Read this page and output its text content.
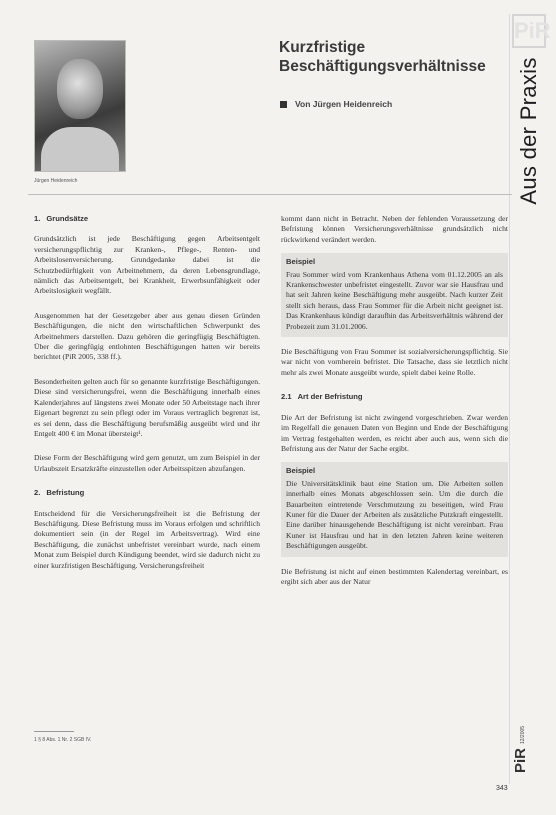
PiR
Aus der Praxis
Jürgen Heidenreich
Kurzfristige
Beschäftigungsverhältnisse
Von Jürgen Heidenreich
1. Grundsätze

Grundsätzlich ist jede Beschäftigung gegen Arbeitsentgelt versicherungspflichtig zur Kranken-, Pflege-, Renten- und Arbeitslosenversicherung. Grundgedanke dabei ist die Schutzbedürftigkeit von Arbeitnehmern, da deren Lebensgrundlage, nämlich das Arbeitsentgelt, bei Krankheit, Erwerbsunfähigkeit oder Arbeitslosigkeit wegfällt.

Ausgenommen hat der Gesetzgeber aber aus genau diesen Gründen Beschäftigungen, die nicht den wirtschaftlichen Schwerpunkt des Arbeitnehmers darstellen. Dazu gehören die geringfügig Beschäftigten. Über die geringfügig entlohnten Beschäftigungen hatten wir bereits berichtet (PiR 2005, 338 ff.).

Besonderheiten gelten auch für so genannte kurzfristige Beschäftigungen. Diese sind versicherungsfrei, wenn die Beschäftigung innerhalb eines Kalenderjahres auf längstens zwei Monate oder 50 Arbeitstage nach ihrer Eigenart begrenzt zu sein pflegt oder im Voraus vertraglich begrenzt ist, es sei denn, dass die Beschäftigung berufsmäßig ausgeübt wird und ihr Entgelt 400 € im Monat übersteigt¹.

Diese Form der Beschäftigung wird gern genutzt, um zum Beispiel in der Urlaubszeit Ersatzkräfte einzustellen oder Arbeitsspitzen abzufangen.

2. Befristung

Entscheidend für die Versicherungsfreiheit ist die Befristung der Beschäftigung. Diese Befristung muss im Voraus erfolgen und schriftlich dokumentiert sein (in der Regel im Arbeitsvertrag). Wird eine Beschäftigung, die zunächst unbefristet vereinbart wurde, nach einem Monat zum Beispiel durch Kündigung beendet, wird sie dadurch nicht zu einer kurzfristigen Beschäftigung. Versicherungsfreiheit

kommt dann nicht in Betracht. Neben der fehlenden Voraussetzung der Befristung können Versicherungsverhältnisse grundsätzlich nicht rückwirkend verändert werden.

Beispiel

Frau Sommer wird vom Krankenhaus Athena vom 01.12.2005 an als Krankenschwester unbefristet eingestellt. Zuvor war sie Hausfrau und hat seit Jahren keine Beschäftigung mehr ausgeübt. Nach kurzer Zeit stellt sich heraus, dass Frau Sommer für die Arbeit nicht geeignet ist. Das Krankenhaus kündigt daraufhin das Arbeitsverhältnis während der Probezeit zum 31.01.2006.

Die Beschäftigung von Frau Sommer ist sozialversicherungspflichtig. Sie war nicht von vornherein befristet. Die Tatsache, dass sie letztlich nicht mehr als zwei Monate ausgeübt wurde, spielt dabei keine Rolle.

2.1 Art der Befristung

Die Art der Befristung ist nicht zwingend vorgeschrieben. Zwar werden im Regelfall die genauen Daten von Beginn und Ende der Beschäftigung im Vertrag festgehalten werden, es reicht aber auch aus, wenn sich die Befristung aus der Natur der Sache ergibt.

Beispiel

Die Universitätsklinik baut eine Station um. Die Arbeiten sollen innerhalb eines Monats abgeschlossen sein. Um die durch die Bauarbeiten eintretende Verschmutzung zu beseitigen, wird Frau Kuner für die Dauer der Arbeiten als zusätzliche Putzkraft eingestellt. Eine darüber hinausgehende Beschäftigung ist nicht vereinbart. Frau Kuner ist Hausfrau und hat in den letzten Jahren keine weiteren Beschäftigungen ausgeübt.

Die Befristung ist nicht auf einen bestimmten Kalendertag vereinbart, es ergibt sich aber aus der Natur

1 § 8 Abs. 1 Nr. 2 SGB IV.	12/2005
PiR
343
